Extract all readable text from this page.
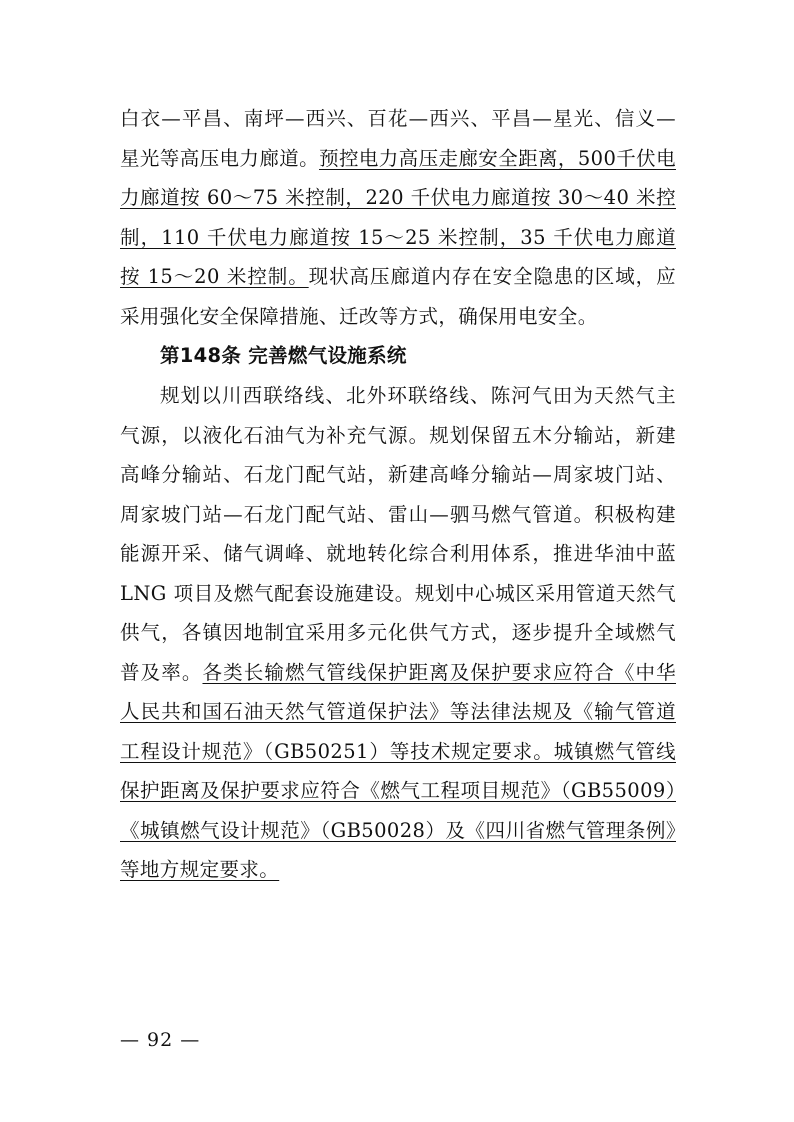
白衣—平昌、南坪—西兴、百花—西兴、平昌—星光、信义—星光等高压电力廊道。预控电力高压走廊安全距离，500千伏电力廊道按 60～75 米控制，220 千伏电力廊道按 30～40 米控制，110 千伏电力廊道按 15～25 米控制，35 千伏电力廊道按 15～20 米控制。现状高压廊道内存在安全隐患的区域，应采用强化安全保障措施、迁改等方式，确保用电安全。

第148条 完善燃气设施系统

规划以川西联络线、北外环联络线、陈河气田为天然气主气源，以液化石油气为补充气源。规划保留五木分输站，新建高峰分输站、石龙门配气站，新建高峰分输站—周家坡门站、周家坡门站—石龙门配气站、雷山—驷马燃气管道。积极构建能源开采、储气调峰、就地转化综合利用体系，推进华油中蓝 LNG 项目及燃气配套设施建设。规划中心城区采用管道天然气供气，各镇因地制宜采用多元化供气方式，逐步提升全域燃气普及率。各类长输燃气管线保护距离及保护要求应符合《中华人民共和国石油天然气管道保护法》等法律法规及《输气管道工程设计规范》（GB50251）等技术规定要求。城镇燃气管线保护距离及保护要求应符合《燃气工程项目规范》（GB55009）《城镇燃气设计规范》（GB50028）及《四川省燃气管理条例》等地方规定要求。

— 92 —
